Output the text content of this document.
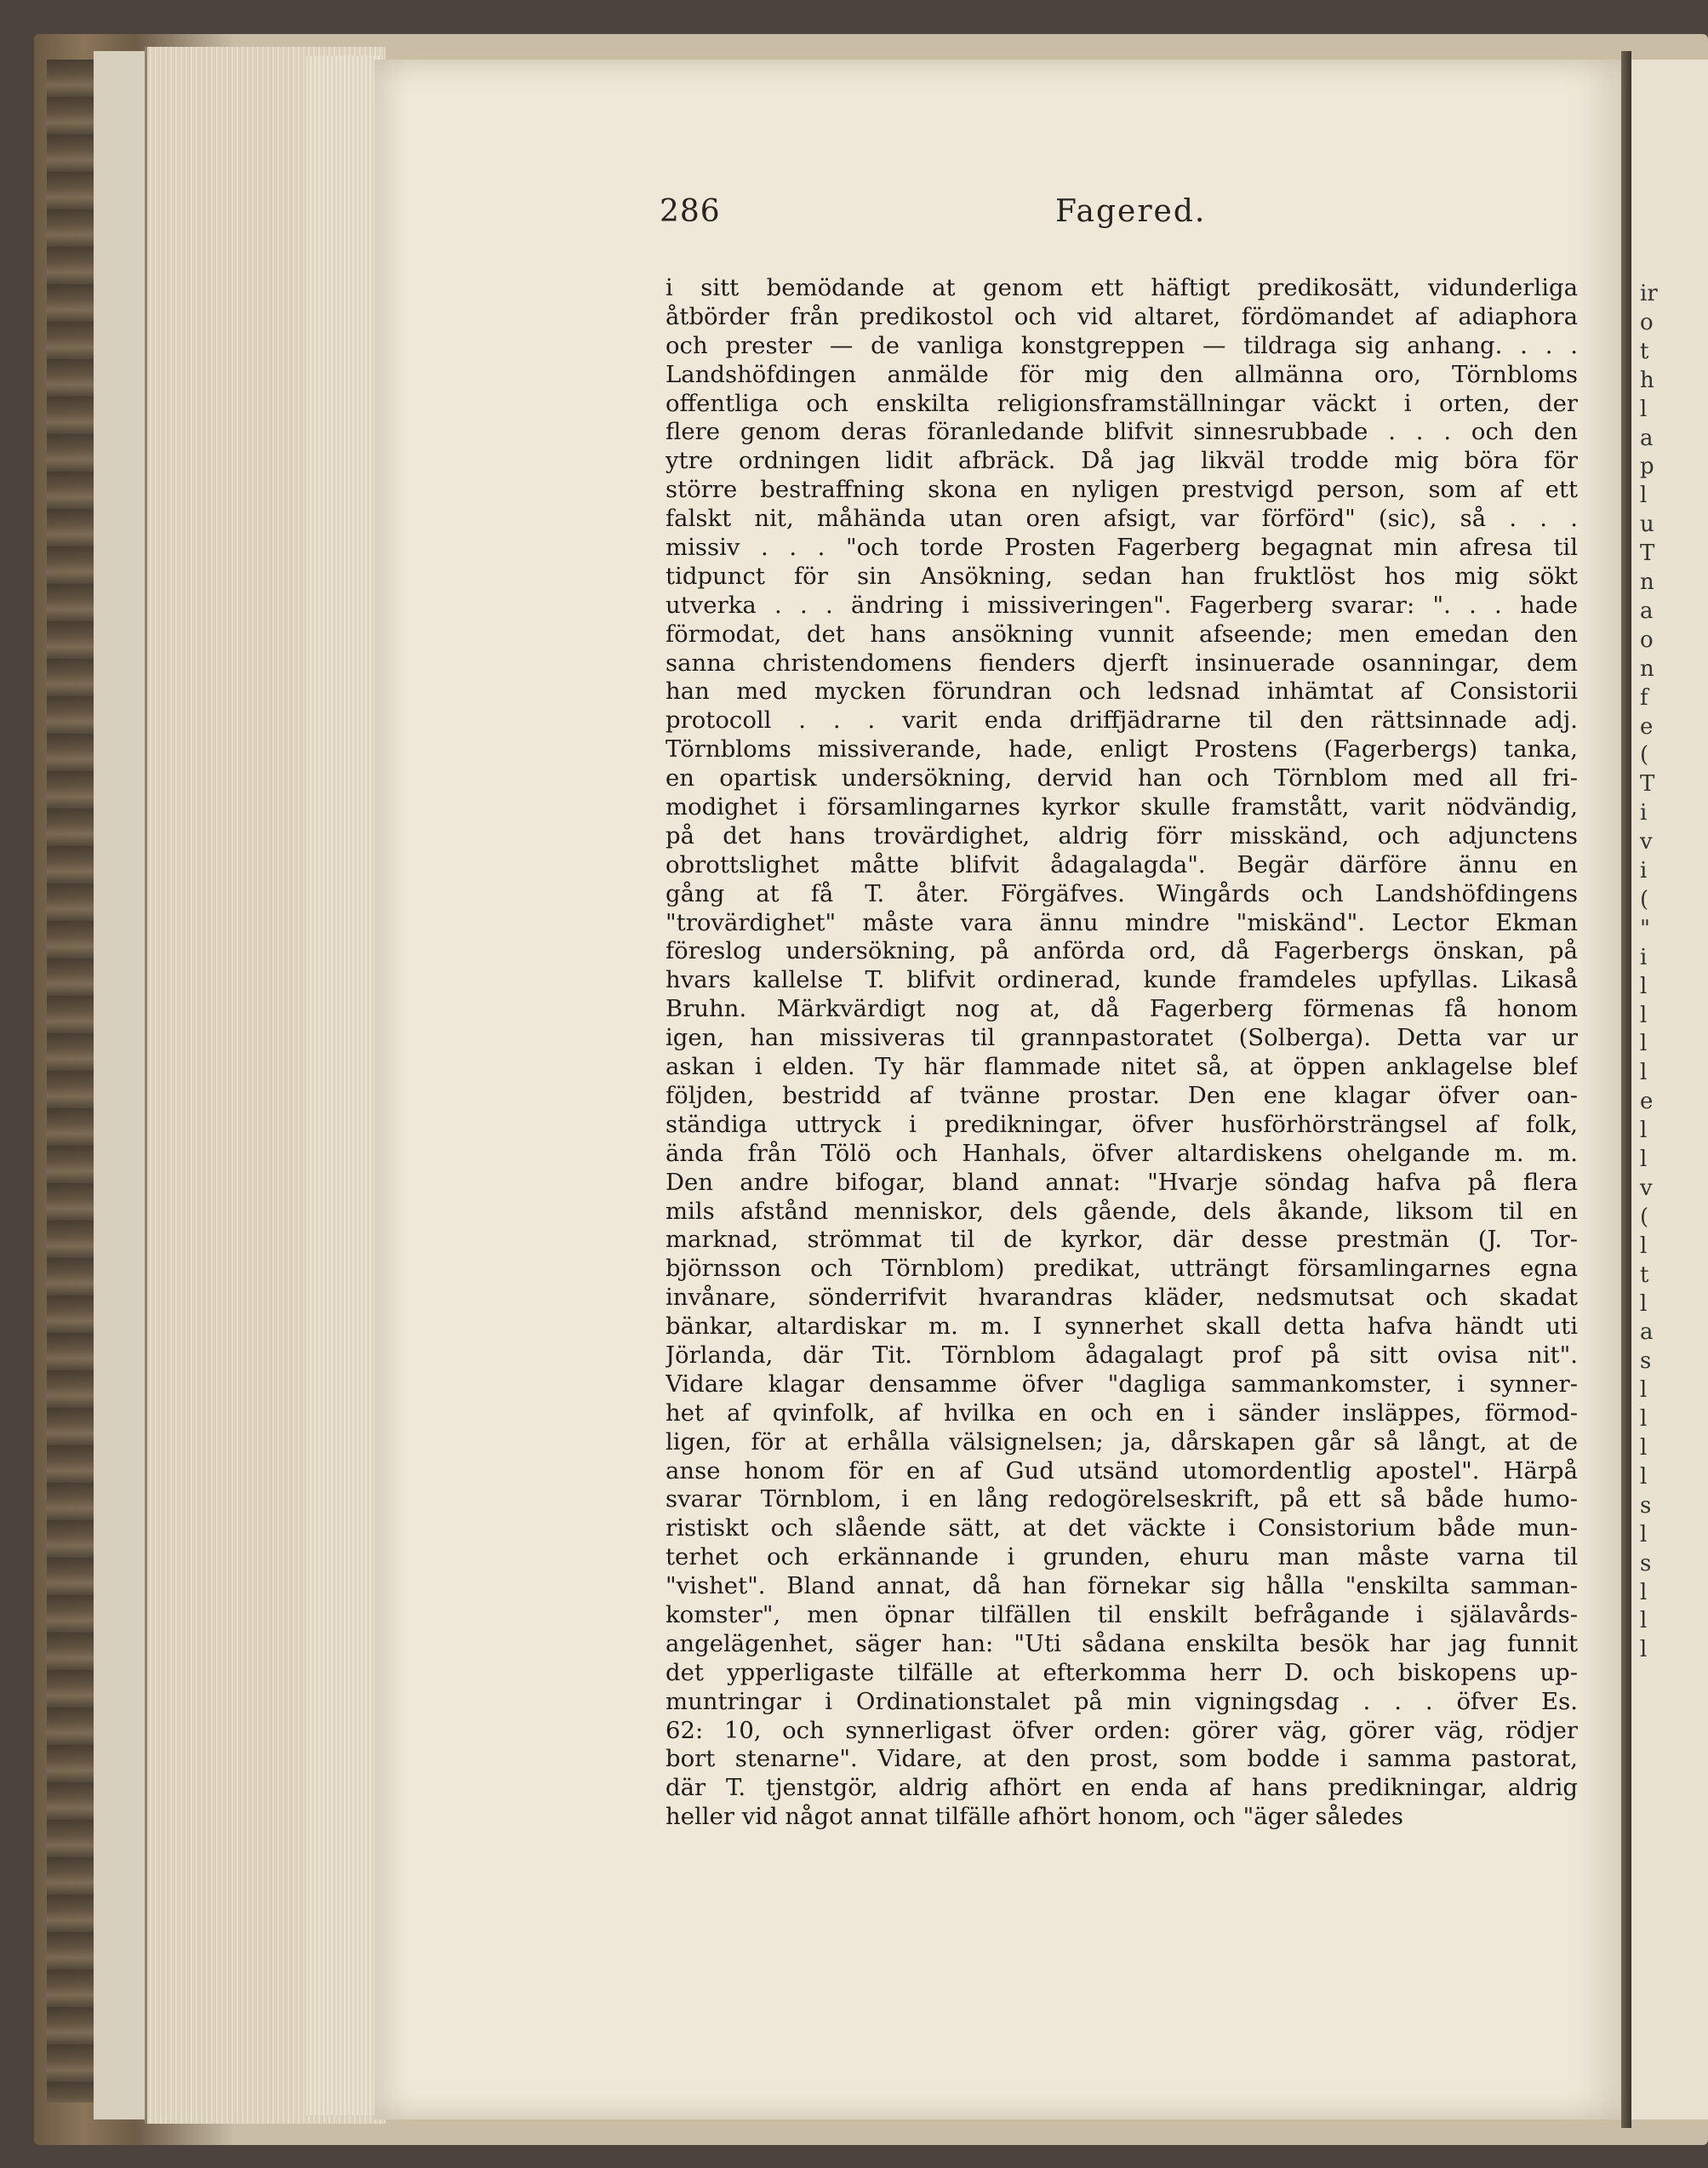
286	Fagered.
i sitt bemödande at genom ett häftigt predikosätt, vidunderliga
åtbörder från predikostol och vid altaret, fördömandet af adiaphora
och prester — de vanliga konstgreppen — tildraga sig anhang. . . .
Landshöfdingen anmälde för mig den allmänna oro, Törnbloms
offentliga och enskilta religionsframställningar väckt i orten, der
flere genom deras föranledande blifvit sinnesrubbade . . . och den
ytre ordningen lidit afbräck. Då jag likväl trodde mig böra för
större bestraffning skona en nyligen prestvigd person, som af ett
falskt nit, måhända utan oren afsigt, var förförd" (sic), så . . .
missiv . . . "och torde Prosten Fagerberg begagnat min afresa til
tidpunct för sin Ansökning, sedan han fruktlöst hos mig sökt
utverka . . . ändring i missiveringen". Fagerberg svarar: ". . . hade
förmodat, det hans ansökning vunnit afseende; men emedan den
sanna christendomens fienders djerft insinuerade osanningar, dem
han med mycken förundran och ledsnad inhämtat af Consistorii
protocoll . . . varit enda driffjädrarne til den rättsinnade adj.
Törnbloms missiverande, hade, enligt Prostens (Fagerbergs) tanka,
en opartisk undersökning, dervid han och Törnblom med all fri-
modighet i församlingarnes kyrkor skulle framstått, varit nödvändig,
på det hans trovärdighet, aldrig förr misskänd, och adjunctens
obrottslighet måtte blifvit ådagalagda". Begär därföre ännu en
gång at få T. åter. Förgäfves. Wingårds och Landshöfdingens
"trovärdighet" måste vara ännu mindre "miskänd". Lector Ekman
föreslog undersökning, på anförda ord, då Fagerbergs önskan, på
hvars kallelse T. blifvit ordinerad, kunde framdeles upfyllas. Likaså
Bruhn. Märkvärdigt nog at, då Fagerberg förmenas få honom
igen, han missiveras til grannpastoratet (Solberga). Detta var ur
askan i elden. Ty här flammade nitet så, at öppen anklagelse blef
följden, bestridd af tvänne prostar. Den ene klagar öfver oan-
ständiga uttryck i predikningar, öfver husförhörsträngsel af folk,
ända från Tölö och Hanhals, öfver altardiskens ohelgande m. m.
Den andre bifogar, bland annat: "Hvarje söndag hafva på flera
mils afstånd menniskor, dels gående, dels åkande, liksom til en
marknad, strömmat til de kyrkor, där desse prestmän (J. Tor-
björnsson och Törnblom) predikat, utträngt församlingarnes egna
invånare, sönderrifvit hvarandras kläder, nedsmutsat och skadat
bänkar, altardiskar m. m. I synnerhet skall detta hafva händt uti
Jörlanda, där Tit. Törnblom ådagalagt prof på sitt ovisa nit".
Vidare klagar densamme öfver "dagliga sammankomster, i synner-
het af qvinfolk, af hvilka en och en i sänder insläppes, förmod-
ligen, för at erhålla välsignelsen; ja, dårskapen går så långt, at de
anse honom för en af Gud utsänd utomordentlig apostel". Härpå
svarar Törnblom, i en lång redogörelseskrift, på ett så både humo-
ristiskt och slående sätt, at det väckte i Consistorium både mun-
terhet och erkännande i grunden, ehuru man måste varna til
"vishet". Bland annat, då han förnekar sig hålla "enskilta samman-
komster", men öpnar tilfällen til enskilt befrågande i själavårds-
angelägenhet, säger han: "Uti sådana enskilta besök har jag funnit
det ypperligaste tilfälle at efterkomma herr D. och biskopens up-
muntringar i Ordinationstalet på min vigningsdag . . . öfver Es.
62: 10, och synnerligast öfver orden: görer väg, görer väg, rödjer
bort stenarne". Vidare, at den prost, som bodde i samma pastorat,
där T. tjenstgör, aldrig afhört en enda af hans predikningar, aldrig
heller vid något annat tilfälle afhört honom, och "äger således
ir
o
t
h
l
a
p
l
u
T
n
a
o
n
f
e
(
T
i
v
i
(
"
i
l
l
l
l
e
l
l
v
(
l
t
l
a
s
l
l
l
l
s
l
s
l
l
l
